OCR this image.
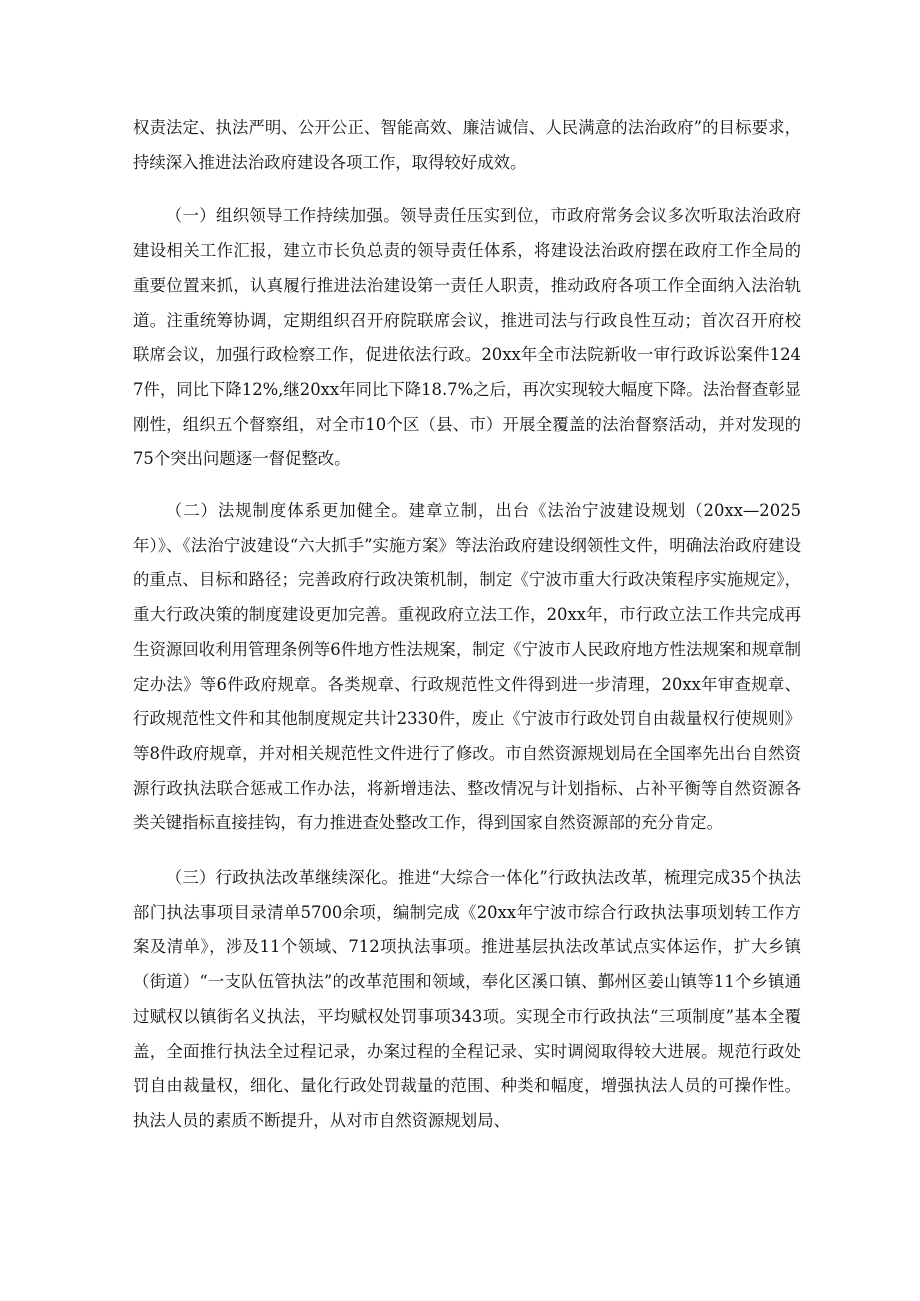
权责法定、执法严明、公开公正、智能高效、廉洁诚信、人民满意的法治政府”的目标要求，持续深入推进法治政府建设各项工作，取得较好成效。

（一）组织领导工作持续加强。领导责任压实到位，市政府常务会议多次听取法治政府建设相关工作汇报，建立市长负总责的领导责任体系，将建设法治政府摆在政府工作全局的重要位置来抓，认真履行推进法治建设第一责任人职责，推动政府各项工作全面纳入法治轨道。注重统筹协调，定期组织召开府院联席会议，推进司法与行政良性互动；首次召开府校联席会议，加强行政检察工作，促进依法行政。20xx年全市法院新收一审行政诉讼案件1247件，同比下降12%,继20xx年同比下降18.7%之后，再次实现较大幅度下降。法治督查彰显刚性，组织五个督察组，对全市10个区（县、市）开展全覆盖的法治督察活动，并对发现的75个突出问题逐一督促整改。

（二）法规制度体系更加健全。建章立制，出台《法治宁波建设规划（20xx—2025年）》、《法治宁波建设“六大抓手”实施方案》等法治政府建设纲领性文件，明确法治政府建设的重点、目标和路径；完善政府行政决策机制，制定《宁波市重大行政决策程序实施规定》，重大行政决策的制度建设更加完善。重视政府立法工作，20xx年，市行政立法工作共完成再生资源回收利用管理条例等6件地方性法规案，制定《宁波市人民政府地方性法规案和规章制定办法》等6件政府规章。各类规章、行政规范性文件得到进一步清理，20xx年审查规章、行政规范性文件和其他制度规定共计2330件，废止《宁波市行政处罚自由裁量权行使规则》等8件政府规章，并对相关规范性文件进行了修改。市自然资源规划局在全国率先出台自然资源行政执法联合惩戒工作办法，将新增违法、整改情况与计划指标、占补平衡等自然资源各类关键指标直接挂钩，有力推进查处整改工作，得到国家自然资源部的充分肯定。

（三）行政执法改革继续深化。推进“大综合一体化”行政执法改革，梳理完成35个执法部门执法事项目录清单5700余项，编制完成《20xx年宁波市综合行政执法事项划转工作方案及清单》，涉及11个领域、712项执法事项。推进基层执法改革试点实体运作，扩大乡镇（街道）“一支队伍管执法”的改革范围和领域，奉化区溪口镇、鄞州区姜山镇等11个乡镇通过赋权以镇街名义执法，平均赋权处罚事项343项。实现全市行政执法“三项制度”基本全覆盖，全面推行执法全过程记录，办案过程的全程记录、实时调阅取得较大进展。规范行政处罚自由裁量权，细化、量化行政处罚裁量的范围、种类和幅度，增强执法人员的可操作性。执法人员的素质不断提升，从对市自然资源规划局、
